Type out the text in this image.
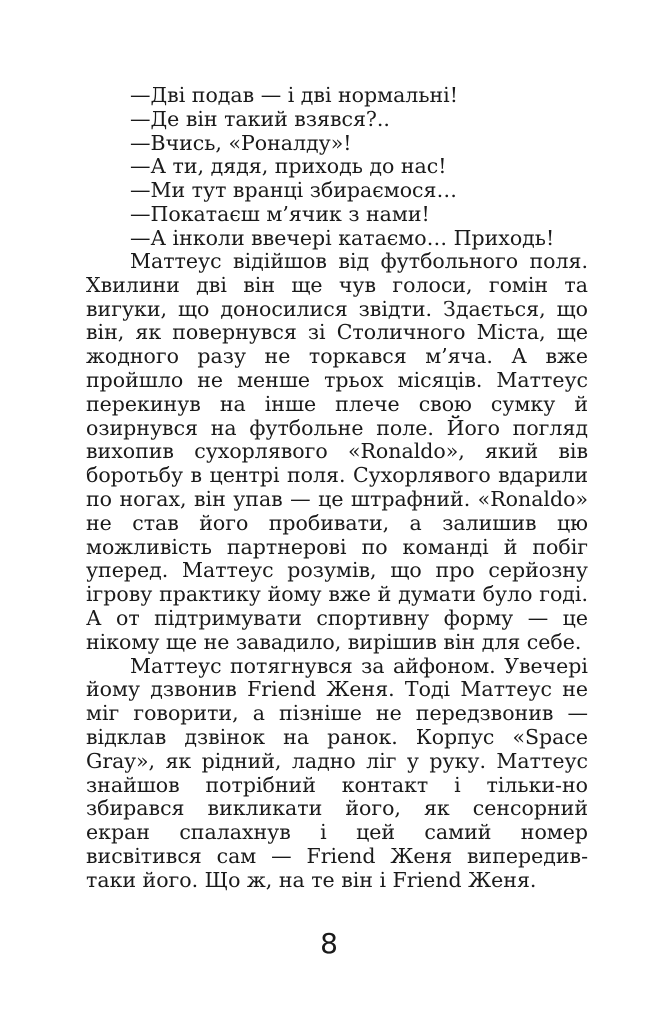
—Дві подав — і дві нормальні!
—Де він такий взявся?..
—Вчись, «Роналду»!
—А ти, дядя, приходь до нас!
—Ми тут вранці збираємося…
—Покатаєш м’ячик з нами!
—А інколи ввечері катаємо… Приходь!

Маттеус відійшов від футбольного поля. Хвилини дві він ще чув голоси, гомін та вигуки, що доносилися звідти. Здається, що він, як повернувся зі Столичного Міста, ще жодного разу не торкався м’яча. А вже пройшло не менше трьох місяців. Маттеус перекинув на інше плече свою сумку й озирнувся на футбольне поле. Його погляд вихопив сухорлявого «Ronaldo», який вів боротьбу в центрі поля. Сухорлявого вдарили по ногах, він упав — це штрафний. «Ronaldo» не став його пробивати, а залишив цю можливість партнерові по команді й побіг уперед. Маттеус розумів, що про серйозну ігрову практику йому вже й думати було годі. А от підтримувати спортивну форму — це нікому ще не завадило, вирішив він для себе.

Маттеус потягнувся за айфоном. Увечері йому дзвонив Friend Женя. Тоді Маттеус не міг говорити, а пізніше не передзвонив — відклав дзвінок на ранок. Корпус «Space Gray», як рідний, ладно ліг у руку. Маттеус знайшов потрібний контакт і тільки-но збирався викликати його, як сенсорний екран спалахнув і цей самий номер висвітився сам — Friend Женя випередив-таки його. Що ж, на те він і Friend Женя.

8
